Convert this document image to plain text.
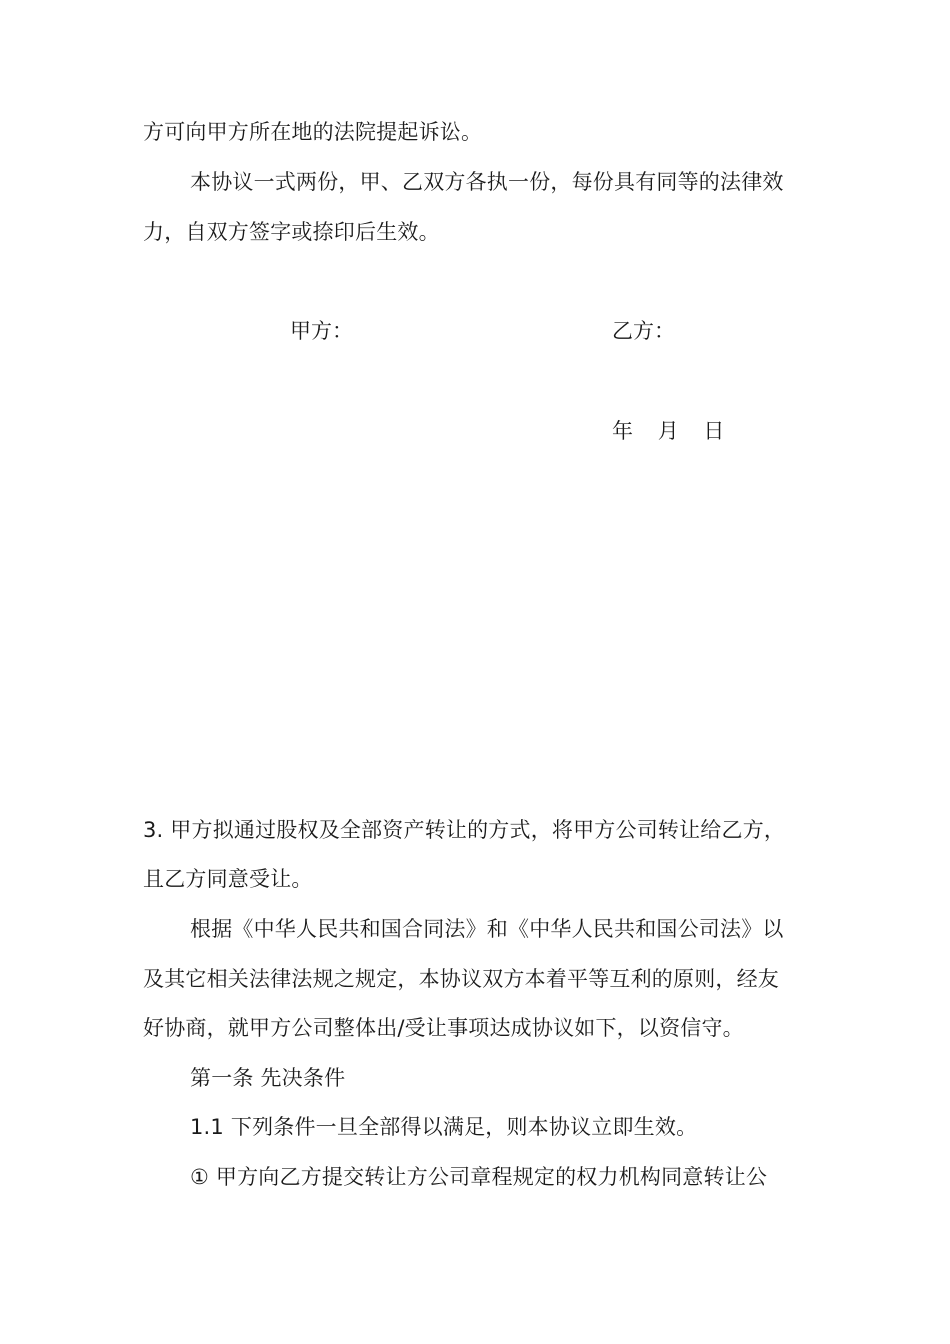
方可向甲方所在地的法院提起诉讼。
本协议一式两份，甲、乙双方各执一份，每份具有同等的法律效
力，自双方签字或捺印后生效。
甲方：	乙方：
年 月 日
3. 甲方拟通过股权及全部资产转让的方式，将甲方公司转让给乙方，
且乙方同意受让。
根据《中华人民共和国合同法》和《中华人民共和国公司法》以
及其它相关法律法规之规定，本协议双方本着平等互利的原则，经友
好协商，就甲方公司整体出/受让事项达成协议如下，以资信守。
第一条 先决条件
1.1 下列条件一旦全部得以满足，则本协议立即生效。
① 甲方向乙方提交转让方公司章程规定的权力机构同意转让公
